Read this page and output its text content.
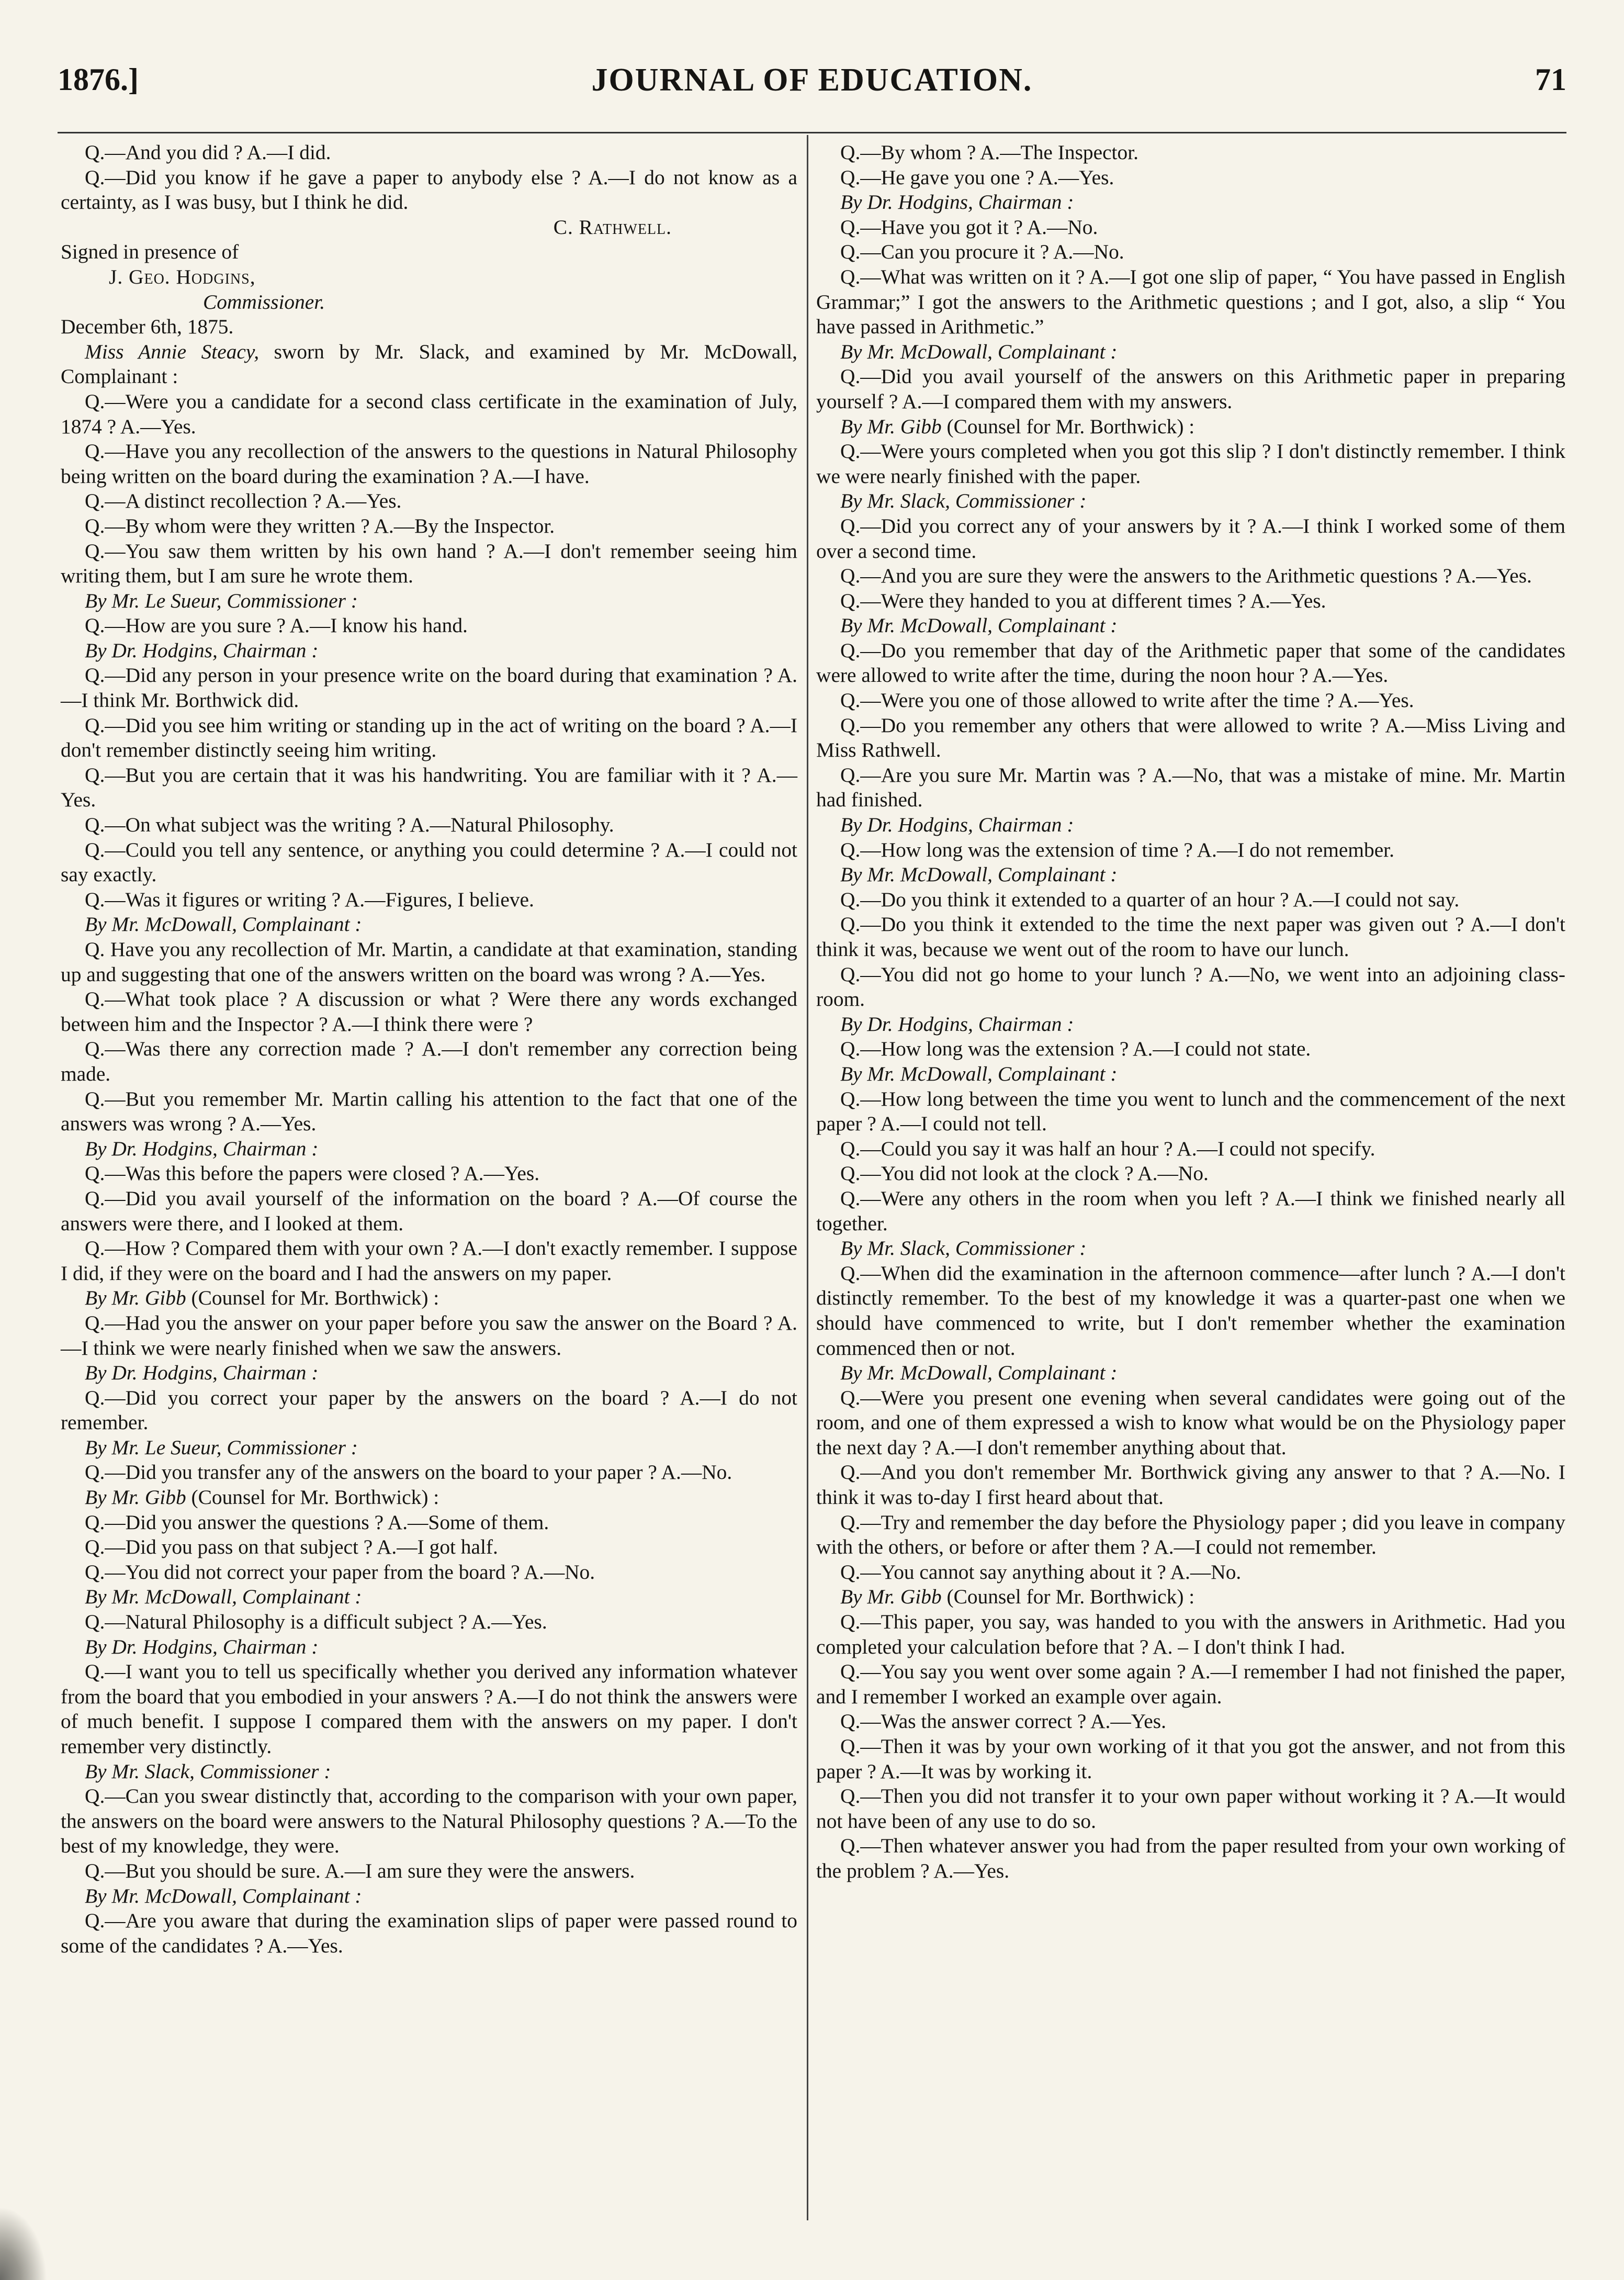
1876.]	JOURNAL OF EDUCATION.	71

Q.—And you did ? A.—I did.

Q.—Did you know if he gave a paper to anybody else ? A.—I do not know as a certainty, as I was busy, but I think he did.

C. Rathwell.

Signed in presence of

J. Geo. Hodgins,

Commissioner.

December 6th, 1875.

Miss Annie Steacy, sworn by Mr. Slack, and examined by Mr. McDowall, Complainant :

Q.—Were you a candidate for a second class certificate in the examination of July, 1874 ? A.—Yes.

Q.—Have you any recollection of the answers to the questions in Natural Philosophy being written on the board during the examination ? A.—I have.

Q.—A distinct recollection ? A.—Yes.

Q.—By whom were they written ? A.—By the Inspector.

Q.—You saw them written by his own hand ? A.—I don't remember seeing him writing them, but I am sure he wrote them.

By Mr. Le Sueur, Commissioner :

Q.—How are you sure ? A.—I know his hand.

By Dr. Hodgins, Chairman :

Q.—Did any person in your presence write on the board during that examination ? A.—I think Mr. Borthwick did.

Q.—Did you see him writing or standing up in the act of writing on the board ? A.—I don't remember distinctly seeing him writing.

Q.—But you are certain that it was his handwriting. You are familiar with it ? A.—Yes.

Q.—On what subject was the writing ? A.—Natural Philosophy.

Q.—Could you tell any sentence, or anything you could determine ? A.—I could not say exactly.

Q.—Was it figures or writing ? A.—Figures, I believe.

By Mr. McDowall, Complainant :

Q. Have you any recollection of Mr. Martin, a candidate at that examination, standing up and suggesting that one of the answers written on the board was wrong ? A.—Yes.

Q.—What took place ? A discussion or what ? Were there any words exchanged between him and the Inspector ? A.—I think there were ?

Q.—Was there any correction made ? A.—I don't remember any correction being made.

Q.—But you remember Mr. Martin calling his attention to the fact that one of the answers was wrong ? A.—Yes.

By Dr. Hodgins, Chairman :

Q.—Was this before the papers were closed ? A.—Yes.

Q.—Did you avail yourself of the information on the board ? A.—Of course the answers were there, and I looked at them.

Q.—How ? Compared them with your own ? A.—I don't exactly remember. I suppose I did, if they were on the board and I had the answers on my paper.

By Mr. Gibb (Counsel for Mr. Borthwick) :

Q.—Had you the answer on your paper before you saw the answer on the Board ? A.—I think we were nearly finished when we saw the answers.

By Dr. Hodgins, Chairman :

Q.—Did you correct your paper by the answers on the board ? A.—I do not remember.

By Mr. Le Sueur, Commissioner :

Q.—Did you transfer any of the answers on the board to your paper ? A.—No.

By Mr. Gibb (Counsel for Mr. Borthwick) :

Q.—Did you answer the questions ? A.—Some of them.

Q.—Did you pass on that subject ? A.—I got half.

Q.—You did not correct your paper from the board ? A.—No.

By Mr. McDowall, Complainant :

Q.—Natural Philosophy is a difficult subject ? A.—Yes.

By Dr. Hodgins, Chairman :

Q.—I want you to tell us specifically whether you derived any information whatever from the board that you embodied in your answers ? A.—I do not think the answers were of much benefit. I suppose I compared them with the answers on my paper. I don't remember very distinctly.

By Mr. Slack, Commissioner :

Q.—Can you swear distinctly that, according to the comparison with your own paper, the answers on the board were answers to the Natural Philosophy questions ? A.—To the best of my knowledge, they were.

Q.—But you should be sure. A.—I am sure they were the answers.

By Mr. McDowall, Complainant :

Q.—Are you aware that during the examination slips of paper were passed round to some of the candidates ? A.—Yes.

Q.—By whom ? A.—The Inspector.

Q.—He gave you one ? A.—Yes.

By Dr. Hodgins, Chairman :

Q.—Have you got it ? A.—No.

Q.—Can you procure it ? A.—No.

Q.—What was written on it ? A.—I got one slip of paper, “ You have passed in English Grammar;” I got the answers to the Arithmetic questions ; and I got, also, a slip “ You have passed in Arithmetic.”

By Mr. McDowall, Complainant :

Q.—Did you avail yourself of the answers on this Arithmetic paper in preparing yourself ? A.—I compared them with my answers.

By Mr. Gibb (Counsel for Mr. Borthwick) :

Q.—Were yours completed when you got this slip ? I don't distinctly remember. I think we were nearly finished with the paper.

By Mr. Slack, Commissioner :

Q.—Did you correct any of your answers by it ? A.—I think I worked some of them over a second time.

Q.—And you are sure they were the answers to the Arithmetic questions ? A.—Yes.

Q.—Were they handed to you at different times ? A.—Yes.

By Mr. McDowall, Complainant :

Q.—Do you remember that day of the Arithmetic paper that some of the candidates were allowed to write after the time, during the noon hour ? A.—Yes.

Q.—Were you one of those allowed to write after the time ? A.—Yes.

Q.—Do you remember any others that were allowed to write ? A.—Miss Living and Miss Rathwell.

Q.—Are you sure Mr. Martin was ? A.—No, that was a mistake of mine. Mr. Martin had finished.

By Dr. Hodgins, Chairman :

Q.—How long was the extension of time ? A.—I do not remember.

By Mr. McDowall, Complainant :

Q.—Do you think it extended to a quarter of an hour ? A.—I could not say.

Q.—Do you think it extended to the time the next paper was given out ? A.—I don't think it was, because we went out of the room to have our lunch.

Q.—You did not go home to your lunch ? A.—No, we went into an adjoining class-room.

By Dr. Hodgins, Chairman :

Q.—How long was the extension ? A.—I could not state.

By Mr. McDowall, Complainant :

Q.—How long between the time you went to lunch and the commencement of the next paper ? A.—I could not tell.

Q.—Could you say it was half an hour ? A.—I could not specify.

Q.—You did not look at the clock ? A.—No.

Q.—Were any others in the room when you left ? A.—I think we finished nearly all together.

By Mr. Slack, Commissioner :

Q.—When did the examination in the afternoon commence—after lunch ? A.—I don't distinctly remember. To the best of my knowledge it was a quarter-past one when we should have commenced to write, but I don't remember whether the examination commenced then or not.

By Mr. McDowall, Complainant :

Q.—Were you present one evening when several candidates were going out of the room, and one of them expressed a wish to know what would be on the Physiology paper the next day ? A.—I don't remember anything about that.

Q.—And you don't remember Mr. Borthwick giving any answer to that ? A.—No. I think it was to-day I first heard about that.

Q.—Try and remember the day before the Physiology paper ; did you leave in company with the others, or before or after them ? A.—I could not remember.

Q.—You cannot say anything about it ? A.—No.

By Mr. Gibb (Counsel for Mr. Borthwick) :

Q.—This paper, you say, was handed to you with the answers in Arithmetic. Had you completed your calculation before that ? A. – I don't think I had.

Q.—You say you went over some again ? A.—I remember I had not finished the paper, and I remember I worked an example over again.

Q.—Was the answer correct ? A.—Yes.

Q.—Then it was by your own working of it that you got the answer, and not from this paper ? A.—It was by working it.

Q.—Then you did not transfer it to your own paper without working it ? A.—It would not have been of any use to do so.

Q.—Then whatever answer you had from the paper resulted from your own working of the problem ? A.—Yes.
